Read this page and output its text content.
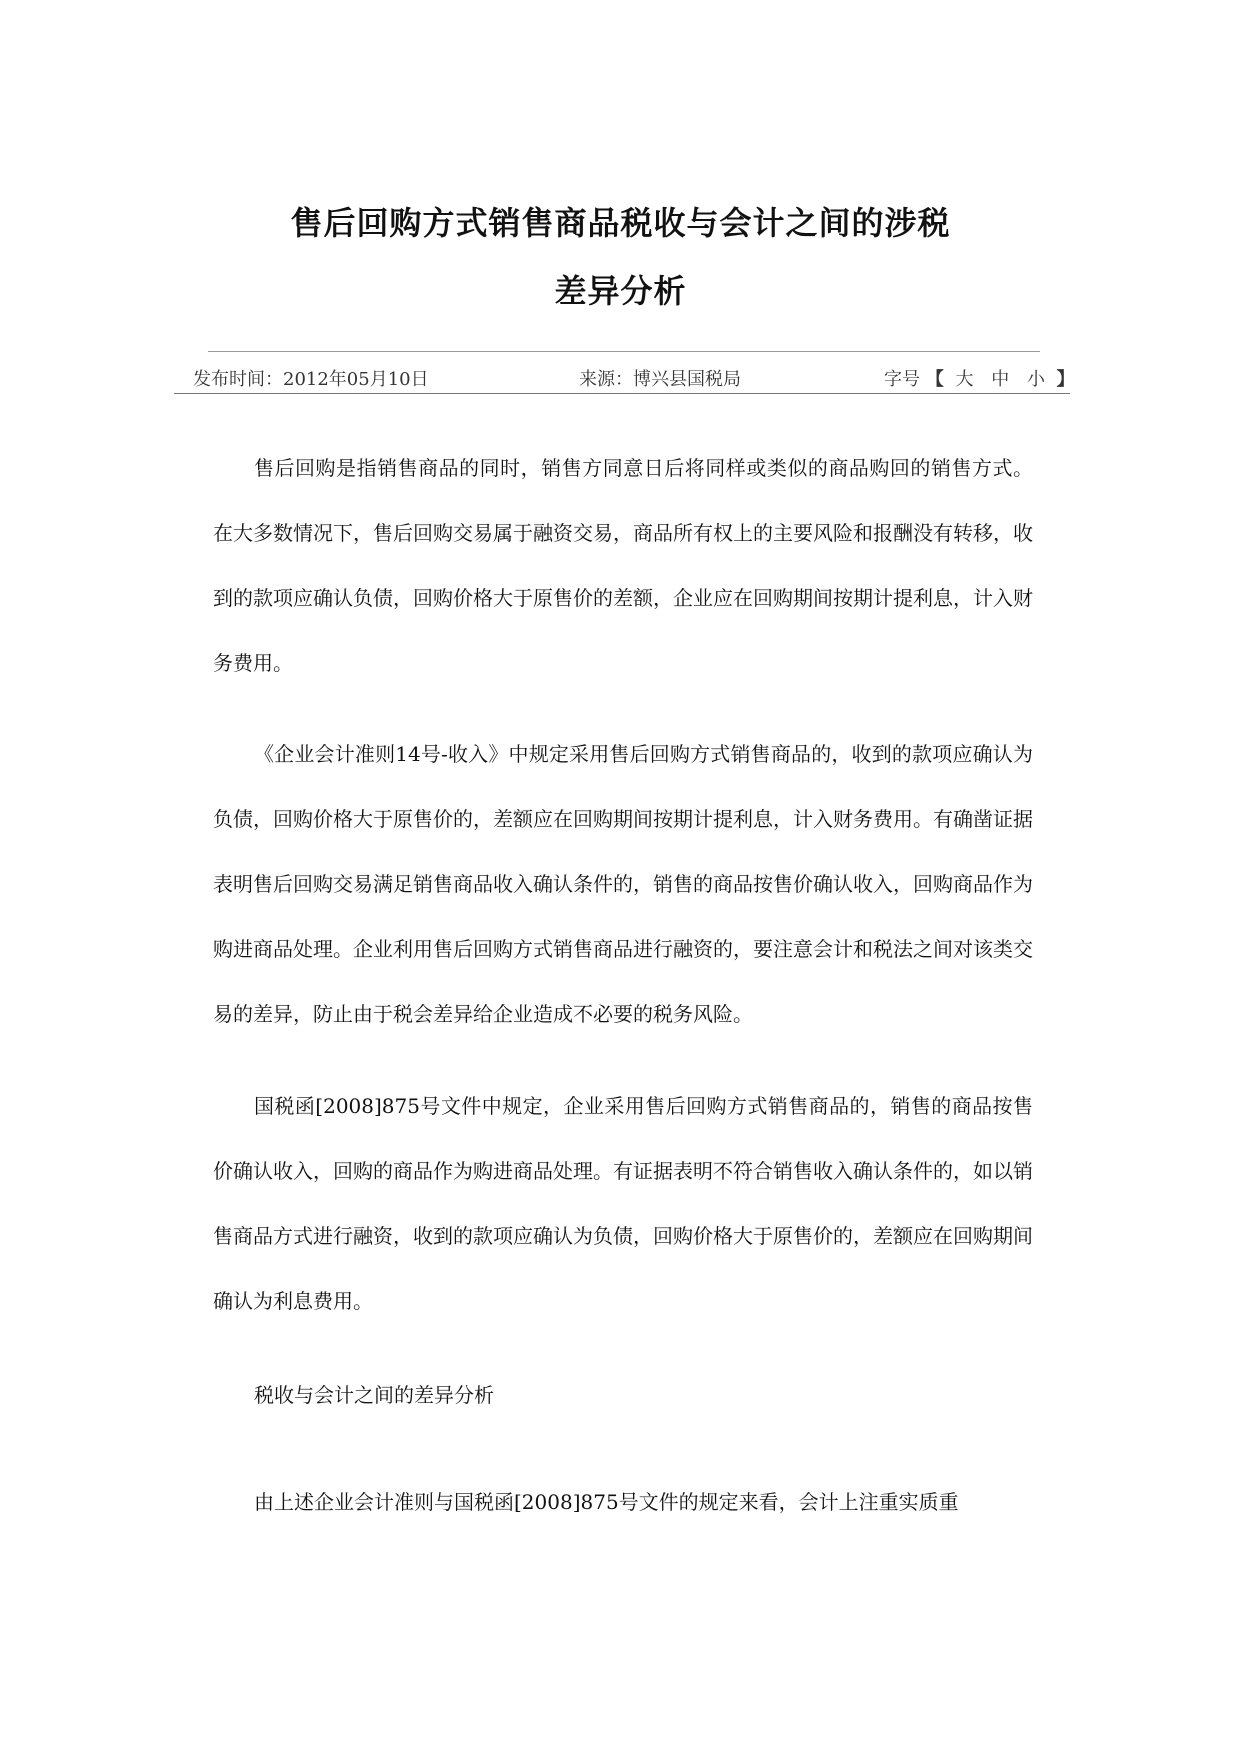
售后回购方式销售商品税收与会计之间的涉税
差异分析
发布时间：2012年05月10日	来源：博兴县国税局	字号 【 大 中 小 】

售后回购是指销售商品的同时，销售方同意日后将同样或类似的商品购回的销售方式。在大多数情况下，售后回购交易属于融资交易，商品所有权上的主要风险和报酬没有转移，收到的款项应确认负债，回购价格大于原售价的差额，企业应在回购期间按期计提利息，计入财务费用。

《企业会计准则14号-收入》中规定采用售后回购方式销售商品的，收到的款项应确认为负债，回购价格大于原售价的，差额应在回购期间按期计提利息，计入财务费用。有确凿证据表明售后回购交易满足销售商品收入确认条件的，销售的商品按售价确认收入，回购商品作为购进商品处理。企业利用售后回购方式销售商品进行融资的，要注意会计和税法之间对该类交易的差异，防止由于税会差异给企业造成不必要的税务风险。

国税函[2008]875号文件中规定，企业采用售后回购方式销售商品的，销售的商品按售价确认收入，回购的商品作为购进商品处理。有证据表明不符合销售收入确认条件的，如以销售商品方式进行融资，收到的款项应确认为负债，回购价格大于原售价的，差额应在回购期间确认为利息费用。

税收与会计之间的差异分析

由上述企业会计准则与国税函[2008]875号文件的规定来看，会计上注重实质重
